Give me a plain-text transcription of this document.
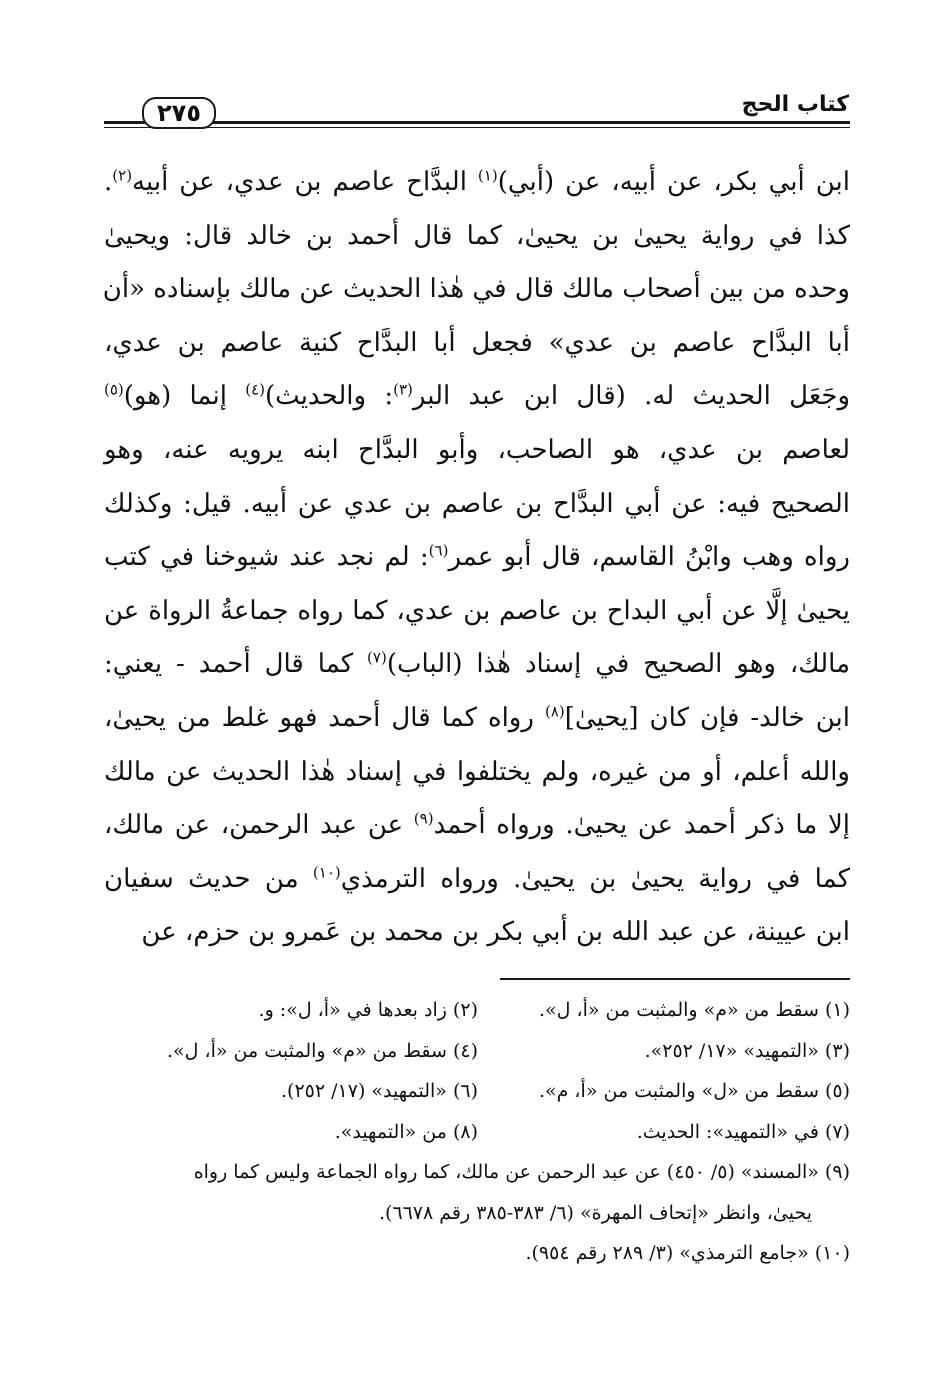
٢٧٥	كتاب الحج
ابن أبي بكر، عن أبيه، عن (أبي)$^{(١)}$ البدَّاح عاصم بن عدي، عن أبيه$^{(٢)}$.
كذا في رواية يحيىٰ بن يحيىٰ، كما قال أحمد بن خالد قال: ويحيىٰ
وحده من بين أصحاب مالك قال في هٰذا الحديث عن مالك بإسناده «أن
أبا البدَّاح عاصم بن عدي» فجعل أبا البدَّاح كنية عاصم بن عدي،
وجَعَل الحديث له. (قال ابن عبد البر$^{(٣)}$: والحديث)$^{(٤)}$ إنما (هو)$^{(٥)}$
لعاصم بن عدي، هو الصاحب، وأبو البدَّاح ابنه يرويه عنه، وهو
الصحيح فيه: عن أبي البدَّاح بن عاصم بن عدي عن أبيه. قيل: وكذلك
رواه وهب وابْنُ القاسم، قال أبو عمر$^{(٦)}$: لم نجد عند شيوخنا في كتب
يحيىٰ إلَّا عن أبي البداح بن عاصم بن عدي، كما رواه جماعةُ الرواة عن
مالك، وهو الصحيح في إسناد هٰذا (الباب)$^{(٧)}$ كما قال أحمد - يعني:
ابن خالد- فإن كان [يحيىٰ]$^{(٨)}$ رواه كما قال أحمد فهو غلط من يحيىٰ،
والله أعلم، أو من غيره، ولم يختلفوا في إسناد هٰذا الحديث عن مالك
إلا ما ذكر أحمد عن يحيىٰ. ورواه أحمد$^{(٩)}$ عن عبد الرحمن، عن مالك،
كما في رواية يحيىٰ بن يحيىٰ. ورواه الترمذي$^{(١٠)}$ من حديث سفيان
ابن عيينة، عن عبد الله بن أبي بكر بن محمد بن عَمرو بن حزم، عن
(١) سقط من «م» والمثبت من «أ، ل».
(٢) زاد بعدها في «أ، ل»: و.
(٣) «التمهيد» «١٧/ ٢٥٢».
(٤) سقط من «م» والمثبت من «أ، ل».
(٥) سقط من «ل» والمثبت من «أ، م».
(٦) «التمهيد» (١٧/ ٢٥٢).
(٧) في «التمهيد»: الحديث.
(٨) من «التمهيد».
(٩) «المسند» (٥/ ٤٥٠) عن عبد الرحمن عن مالك، كما رواه الجماعة وليس كما رواه
يحيىٰ، وانظر «إتحاف المهرة» (٦/ ٣٨٣-٣٨٥ رقم ٦٦٧٨).
(١٠) «جامع الترمذي» (٣/ ٢٨٩ رقم ٩٥٤).
